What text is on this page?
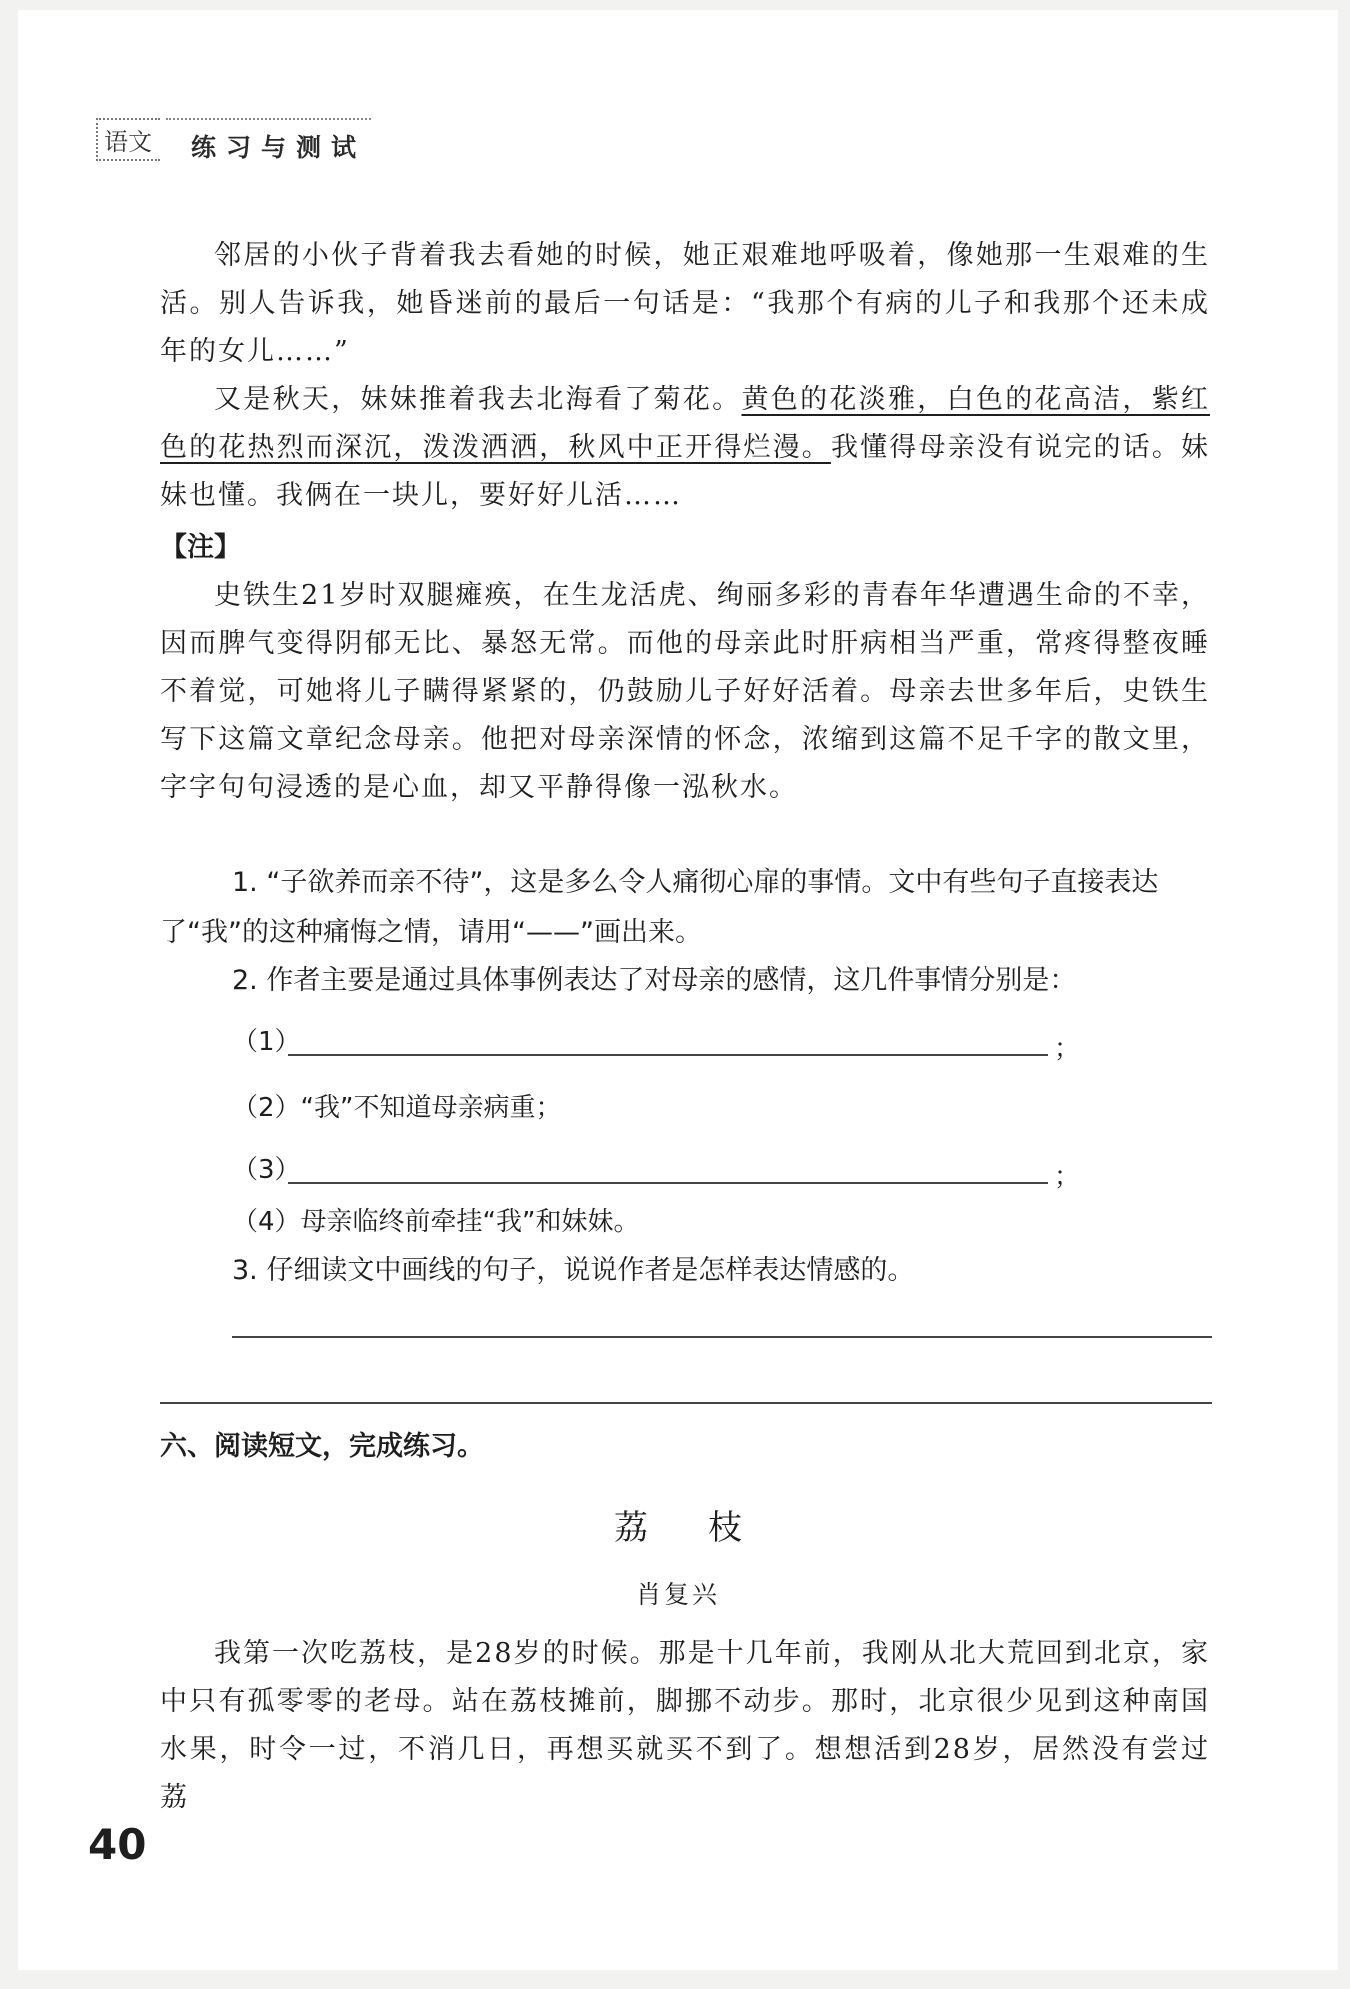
语文	练习与测试
邻居的小伙子背着我去看她的时候，她正艰难地呼吸着，像她那一生艰难的生活。别人告诉我，她昏迷前的最后一句话是：“我那个有病的儿子和我那个还未成年的女儿……”
又是秋天，妹妹推着我去北海看了菊花。黄色的花淡雅，白色的花高洁，紫红色的花热烈而深沉，泼泼洒洒，秋风中正开得烂漫。我懂得母亲没有说完的话。妹妹也懂。我俩在一块儿，要好好儿活……
【注】
史铁生21岁时双腿瘫痪，在生龙活虎、绚丽多彩的青春年华遭遇生命的不幸，因而脾气变得阴郁无比、暴怒无常。而他的母亲此时肝病相当严重，常疼得整夜睡不着觉，可她将儿子瞒得紧紧的，仍鼓励儿子好好活着。母亲去世多年后，史铁生写下这篇文章纪念母亲。他把对母亲深情的怀念，浓缩到这篇不足千字的散文里，字字句句浸透的是心血，却又平静得像一泓秋水。
1. “子欲养而亲不待”，这是多么令人痛彻心扉的事情。文中有些句子直接表达了“我”的这种痛悔之情，请用“——”画出来。
2. 作者主要是通过具体事例表达了对母亲的感情，这几件事情分别是：
（1）	；
（2）“我”不知道母亲病重；
（3）	；
（4）母亲临终前牵挂“我”和妹妹。
3. 仔细读文中画线的句子，说说作者是怎样表达情感的。
六、阅读短文，完成练习。
荔枝
肖复兴
我第一次吃荔枝，是28岁的时候。那是十几年前，我刚从北大荒回到北京，家中只有孤零零的老母。站在荔枝摊前，脚挪不动步。那时，北京很少见到这种南国水果，时令一过，不消几日，再想买就买不到了。想想活到28岁，居然没有尝过荔
40
